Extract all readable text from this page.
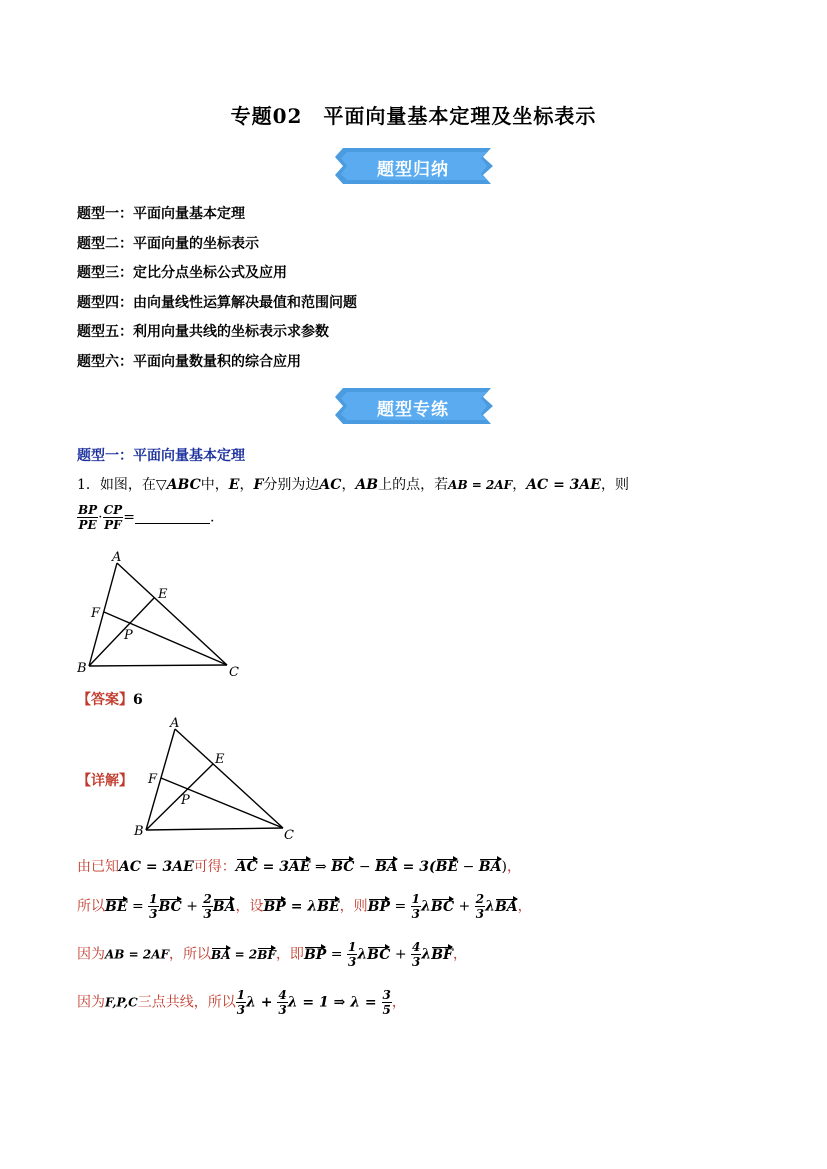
专题02　平面向量基本定理及坐标表示
题型归纳
题型一：平面向量基本定理
题型二：平面向量的坐标表示
题型三：定比分点坐标公式及应用
题型四：由向量线性运算解决最值和范围问题
题型五：利用向量共线的坐标表示求参数
题型六：平面向量数量积的综合应用
题型专练
题型一：平面向量基本定理
1．如图，在▽ABC中，E，F分别为边AC，AB上的点，若AB = 2AF，AC = 3AE，则
$\frac{BP}{PE} \cdot \frac{CP}{PF}$ =	.
A
B	C
E
F
P
【答案】6
【详解】
A
B	C
E
F
P
由已知AC = 3AE可得：AC = 3AE ⇒ BC − BA = 3(BE − BA)，
所以BE = $\frac{1}{3}$ BC + $\frac{2}{3}$ BA，设BP = λBE，则BP = $\frac{1}{3}$ $\lambda BC + \frac{2}{3}$ λBA，
因为AB = 2AF，所以BA = 2BF，即BP = $\frac{1}{3}$ $\lambda BC + \frac{4}{3}$ λBF，
因为F,P,C三点共线，所以 $\frac{1}{3}$ $\lambda + \frac{4}{3}$ λ = 1 ⇒ $\lambda = \frac{3}{5}$ ，
